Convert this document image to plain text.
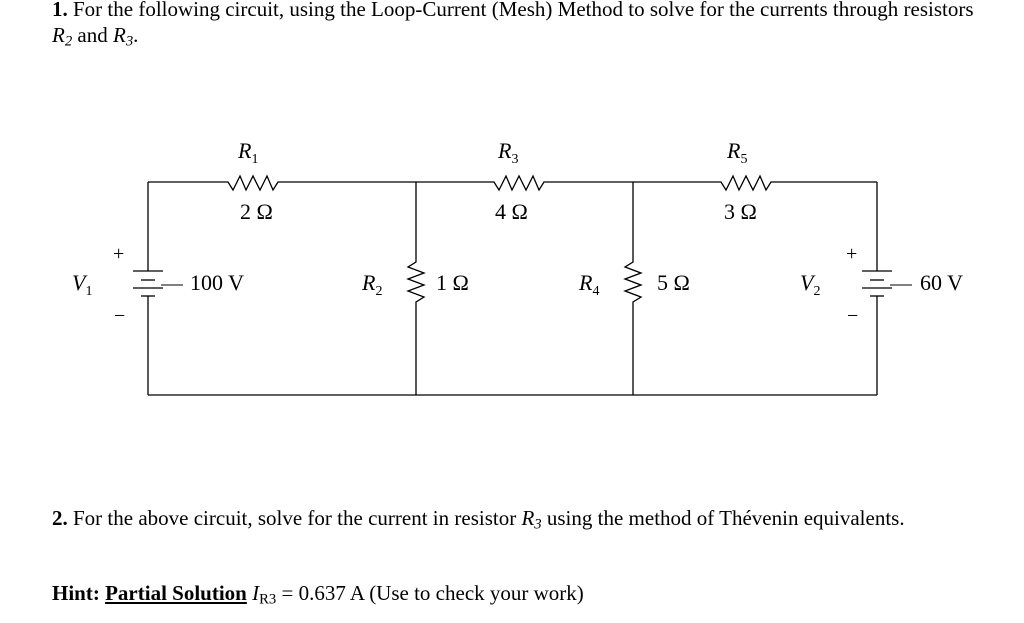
1. For the following circuit, using the Loop-Current (Mesh) Method to solve for the currents through resistors $R_2$ and $R_3$.
$R_1$
2 Ω
$R_3$
4 Ω
$R_5$
3 Ω
$R_2$ 1 Ω	$R_4$	5 Ω
$V_1$	100 V
+
−
$V_2$	60 V
+
−
2. For the above circuit, solve for the current in resistor $R_3$ using the method of Thévenin equivalents.
Hint: Partial Solution $I_{R3} = 0.637$ A (Use to check your work)
